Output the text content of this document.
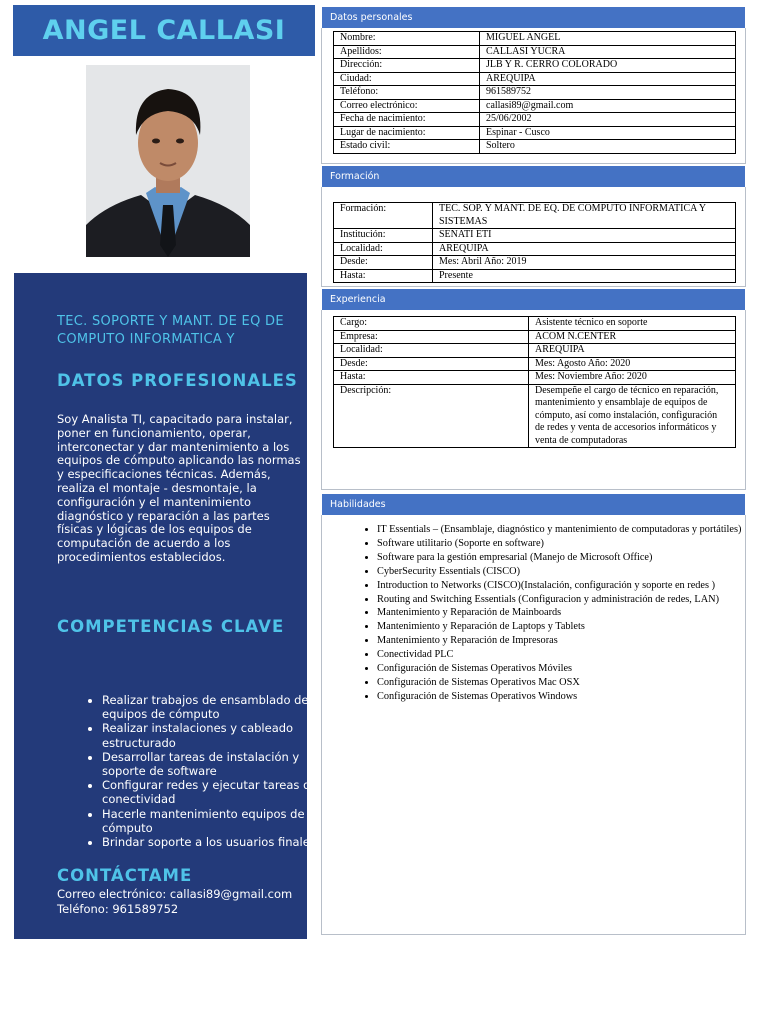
ANGEL CALLASI
TEC. SOPORTE Y MANT. DE EQ DE COMPUTO INFORMATICA Y
DATOS PROFESIONALES
Soy Analista TI, capacitado para instalar, poner en funcionamiento, operar, interconectar y dar mantenimiento a los equipos de cómputo aplicando las normas y especificaciones técnicas. Además, realiza el montaje - desmontaje, la configuración y el mantenimiento diagnóstico y reparación a las partes físicas y lógicas de los equipos de computación de acuerdo a los procedimientos establecidos.
COMPETENCIAS CLAVE
• Realizar trabajos de ensamblado de equipos de cómputo
• Realizar instalaciones y cableado estructurado
• Desarrollar tareas de instalación y soporte de software
• Configurar redes y ejecutar tareas de conectividad
• Hacerle mantenimiento equipos de cómputo
• Brindar soporte a los usuarios finales
CONTÁCTAME
Correo electrónico: callasi89@gmail.com
Teléfono: 961589752
Datos personales
Nombre:	MIGUEL ANGEL
Apellidos:	CALLASI YUCRA
Dirección:	JLB Y R. CERRO COLORADO
Ciudad:	AREQUIPA
Teléfono:	961589752
Correo electrónico:	callasi89@gmail.com
Fecha de nacimiento:	25/06/2002
Lugar de nacimiento:	Espinar - Cusco
Estado civil:	Soltero
Formación
Formación:	TEC. SOP. Y MANT. DE EQ. DE COMPUTO INFORMATICA Y SISTEMAS
Institución:	SENATI ETI
Localidad:	AREQUIPA
Desde:	Mes: Abril Año: 2019
Hasta:	Presente
Experiencia
Cargo:	Asistente técnico en soporte
Empresa:	ACOM N.CENTER
Localidad:	AREQUIPA
Desde:	Mes: Agosto Año: 2020
Hasta:	Mes: Noviembre Año: 2020
Descripción:	Desempeñe el cargo de técnico en reparación, mantenimiento y ensamblaje de equipos de cómputo, así como instalación, configuración de redes y venta de accesorios informáticos y venta de computadoras
Habilidades
• IT Essentials – (Ensamblaje, diagnóstico y mantenimiento de computadoras y portátiles)
• Software utilitario (Soporte en software)
• Software para la gestión empresarial (Manejo de Microsoft Office)
• CyberSecurity Essentials (CISCO)
• Introduction to Networks (CISCO)(Instalación, configuración y soporte en redes )
• Routing and Switching Essentials (Configuracion y administración de redes, LAN)
• Mantenimiento y Reparación de Mainboards
• Mantenimiento y Reparación de Laptops y Tablets
• Mantenimiento y Reparación de Impresoras
• Conectividad PLC
• Configuración de Sistemas Operativos Móviles
• Configuración de Sistemas Operativos Mac OSX
• Configuración de Sistemas Operativos Windows
